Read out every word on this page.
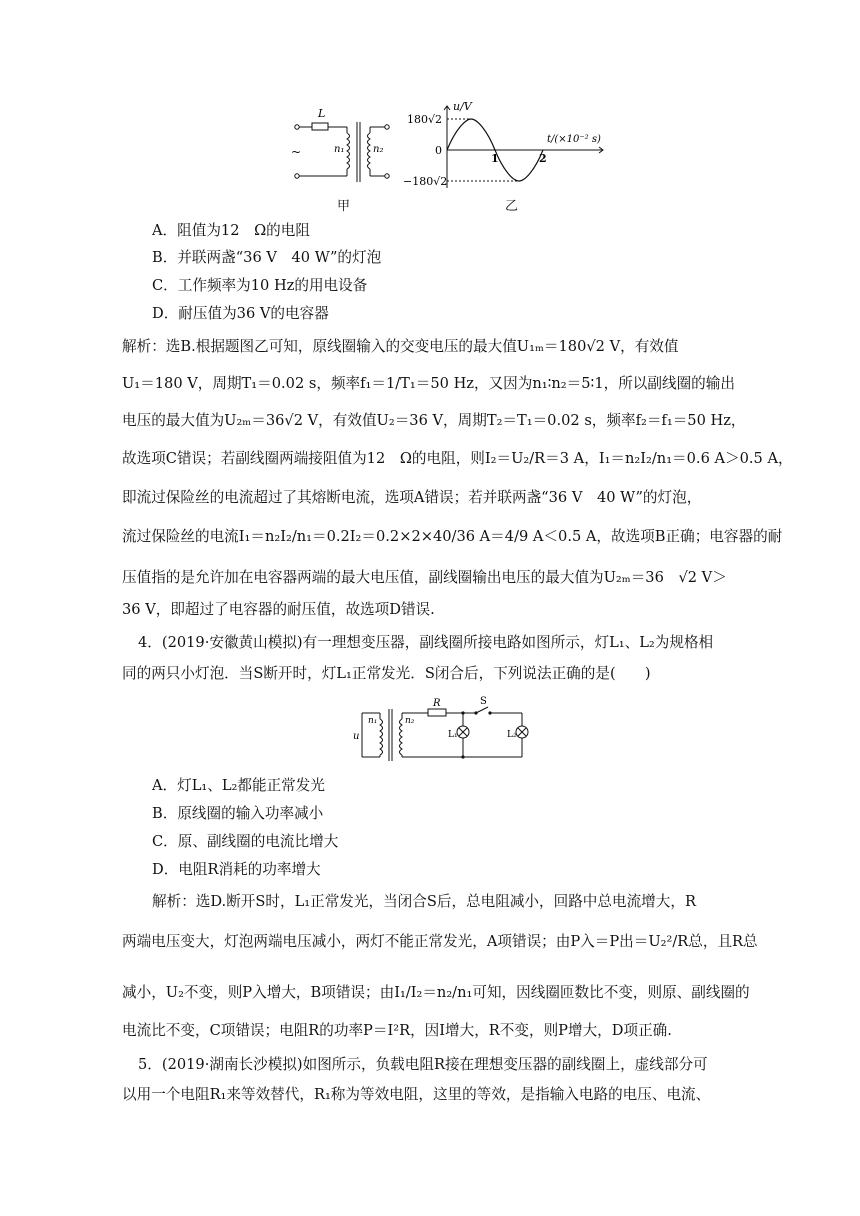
L
~	n₁	n₂
u/V
t/(×10⁻² s)
180√2
−180√2
0
1	2
甲	乙
A．阻值为12　Ω的电阻
B．并联两盏“36 V　40 W”的灯泡
C．工作频率为10 Hz的用电设备
D．耐压值为36 V的电容器
解析：选B.根据题图乙可知，原线圈输入的交变电压的最大值U₁ₘ＝180√2 V，有效值
U₁＝180 V，周期T₁＝0.02 s，频率f₁＝1/T₁＝50 Hz，又因为n₁∶n₂＝5∶1，所以副线圈的输出
电压的最大值为U₂ₘ＝36√2 V，有效值U₂＝36 V，周期T₂＝T₁＝0.02 s，频率f₂＝f₁＝50 Hz，
故选项C错误；若副线圈两端接阻值为12　Ω的电阻，则I₂＝U₂/R＝3 A，I₁＝n₂I₂/n₁＝0.6 A＞0.5 A，
即流过保险丝的电流超过了其熔断电流，选项A错误；若并联两盏“36 V　40 W”的灯泡，
流过保险丝的电流I₁＝n₂I₂/n₁＝0.2I₂＝0.2×2×40/36 A＝4/9 A＜0.5 A，故选项B正确；电容器的耐
压值指的是允许加在电容器两端的最大电压值，副线圈输出电压的最大值为U₂ₘ＝36　√2 V＞
36 V，即超过了电容器的耐压值，故选项D错误.
4．(2019·安徽黄山模拟)有一理想变压器，副线圈所接电路如图所示，灯L₁、L₂为规格相
同的两只小灯泡．当S断开时，灯L₁正常发光．S闭合后，下列说法正确的是(　　)
u
n₁	n₂
R	S
L₁	L₂
A．灯L₁、L₂都能正常发光
B．原线圈的输入功率减小
C．原、副线圈的电流比增大
D．电阻R消耗的功率增大
解析：选D.断开S时，L₁正常发光，当闭合S后，总电阻减小，回路中总电流增大，R
两端电压变大，灯泡两端电压减小，两灯不能正常发光，A项错误；由P入＝P出＝U₂²/R总，且R总
减小，U₂不变，则P入增大，B项错误；由I₁/I₂＝n₂/n₁可知，因线圈匝数比不变，则原、副线圈的
电流比不变，C项错误；电阻R的功率P＝I²R，因I增大，R不变，则P增大，D项正确.
5．(2019·湖南长沙模拟)如图所示，负载电阻R接在理想变压器的副线圈上，虚线部分可
以用一个电阻R₁来等效替代，R₁称为等效电阻，这里的等效，是指输入电路的电压、电流、
